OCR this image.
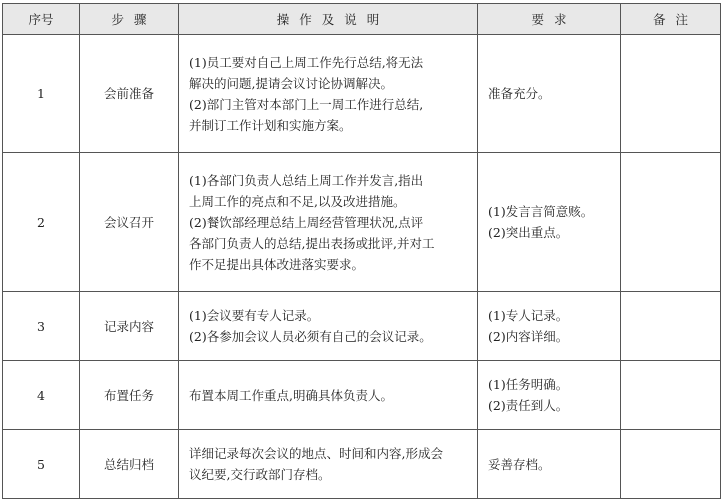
序号	步骤	操作及说明	要求	备注
1	会前准备	(1)员工要对自己上周工作先行总结,将无法
解决的问题,提请会议讨论协调解决。
(2)部门主管对本部门上一周工作进行总结,
并制订工作计划和实施方案。	准备充分。	

2	会议召开	(1)各部门负责人总结上周工作并发言,指出
上周工作的亮点和不足,以及改进措施。
(2)餐饮部经理总结上周经营管理状况,点评
各部门负责人的总结,提出表扬或批评,并对工
作不足提出具体改进落实要求。	(1)发言言简意赅。
(2)突出重点。	

3	记录内容	(1)会议要有专人记录。
(2)各参加会议人员必须有自己的会议记录。	(1)专人记录。
(2)内容详细。	

4	布置任务	布置本周工作重点,明确具体负责人。	(1)任务明确。
(2)责任到人。	

5	总结归档	详细记录每次会议的地点、时间和内容,形成会
议纪要,交行政部门存档。	妥善存档。	
